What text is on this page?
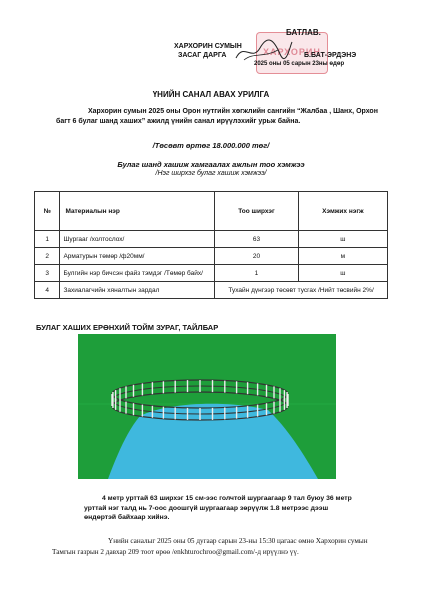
ХАРХОРИН
БАТЛАВ.
ХАРХОРИН СУМЫН
ЗАСАГ ДАРГА	Б.БАТ-ЭРДЭНЭ
2025 оны 05 сарын 23ны өдөр
ҮНИЙН САНАЛ АВАХ УРИЛГА
Хархорин сумын 2025 оны Орон нутгийн хөгжлийн сангийн “Жалбаа , Шанх, Орхон багт 6 булаг шанд хаших” ажилд үнийн санал ирүүлэхийг урьж байна.
/Төсөвт өртөг 18.000.000 төг/
Булаг шанд хашиж хамгаалах ажлын тоо хэмжээ
/Нэг ширхэг булаг хашиж хэмжээ/
№	Материалын нэр	Тоо ширхэг	Хэмжих нэгж
1	Шургааг /холтослох/	63	ш
2	Арматурын төмөр /ф20мм/	20	м
3	Булгийн нэр бичсэн файз тэмдэг /Төмөр байх/	1	ш
4	Захиалагчийн хяналтын зардал	Тухайн дүнгээр төсөвт тусгах /Нийт төсвийн 2%/	
БУЛАГ ХАШИХ ЕРӨНХИЙ ТОЙМ ЗУРАГ, ТАЙЛБАР
4 метр урттай 63 ширхэг 15 см-ээс голчтой шургаагаар 9 тал буюу 36 метр урттай нэг талд нь 7-оос доошгүй шургаагаар зөрүүлж 1.8 метрээс дээш өндөртэй байхаар хийнэ.
Үнийн саналыг 2025 оны 05 дугаар сарын 23-ны 15:30 цагаас өмнө Хархорин сумын Тамгын газрын 2 давхар 209 тоот өрөө /enkhturochroo@gmail.com/-д ирүүлнэ үү.
